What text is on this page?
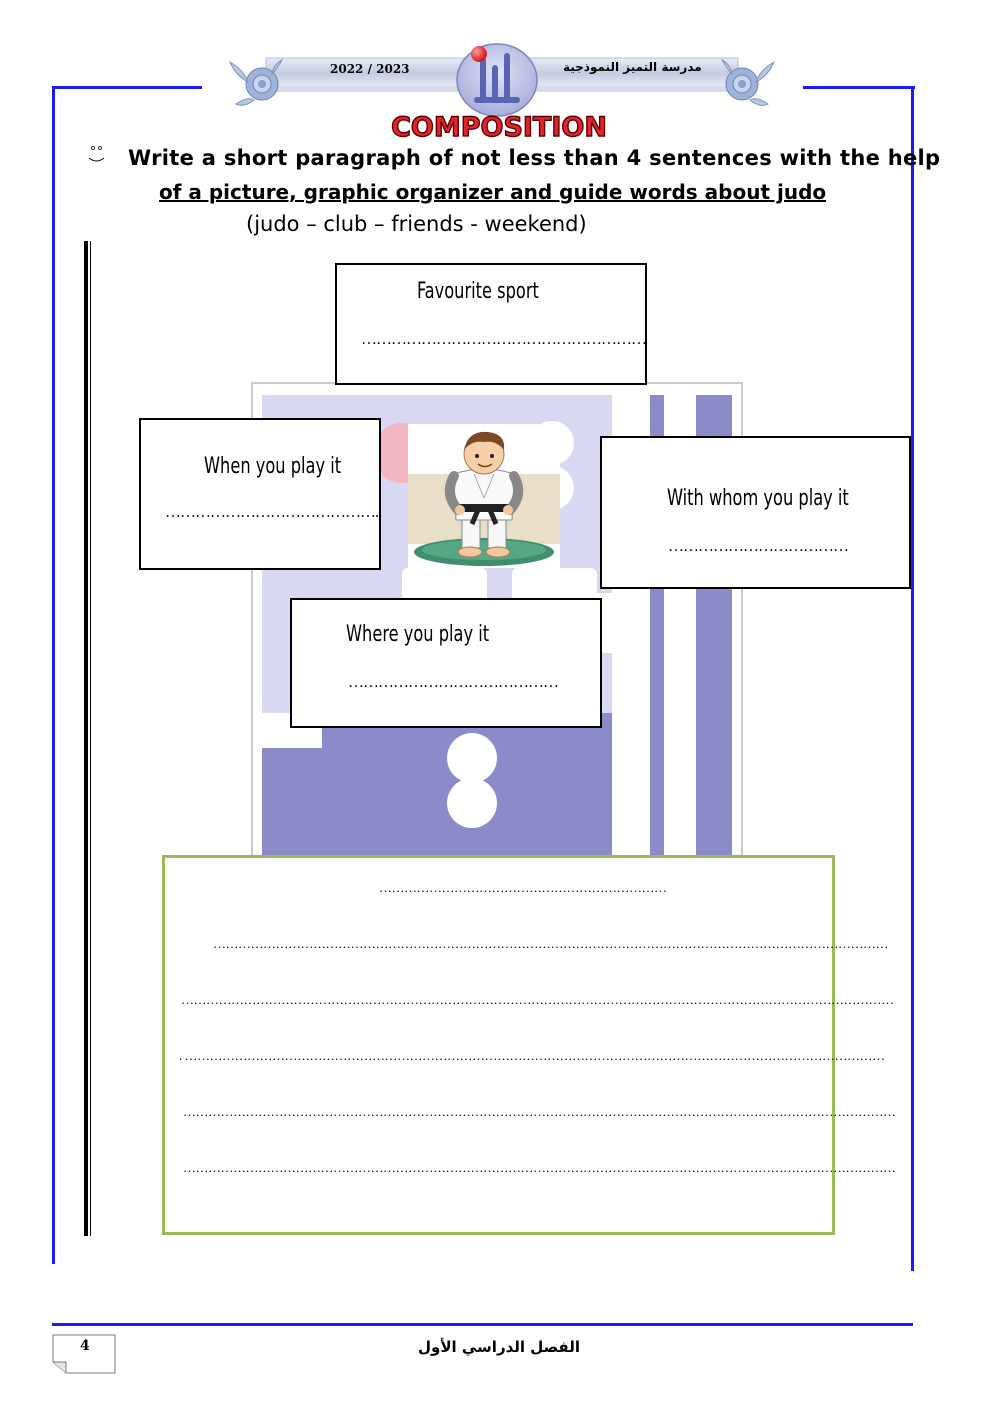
2022 / 2023	مدرسة التميز النموذجية
COMPOSITION
Write a short paragraph of not less than 4 sentences with the help
of a picture, graphic organizer and guide words about judo
(judo – club – friends - weekend)
Favourite sport
…………………………………………………
When you play it
…………………………………….
With whom you play it
………………………………
Where you play it
……………………………………
……………………………………………………………
………………………………………………………………………………………………………………………………………………
………………………………………………………………………………………………………………………………………………………
. ……………………………………………………………………………………………………………………………………………………
………………………………………………………………………………………………………………………………………………………
………………………………………………………………………………………………………………………………………………………
4	الفصل الدراسي الأول
